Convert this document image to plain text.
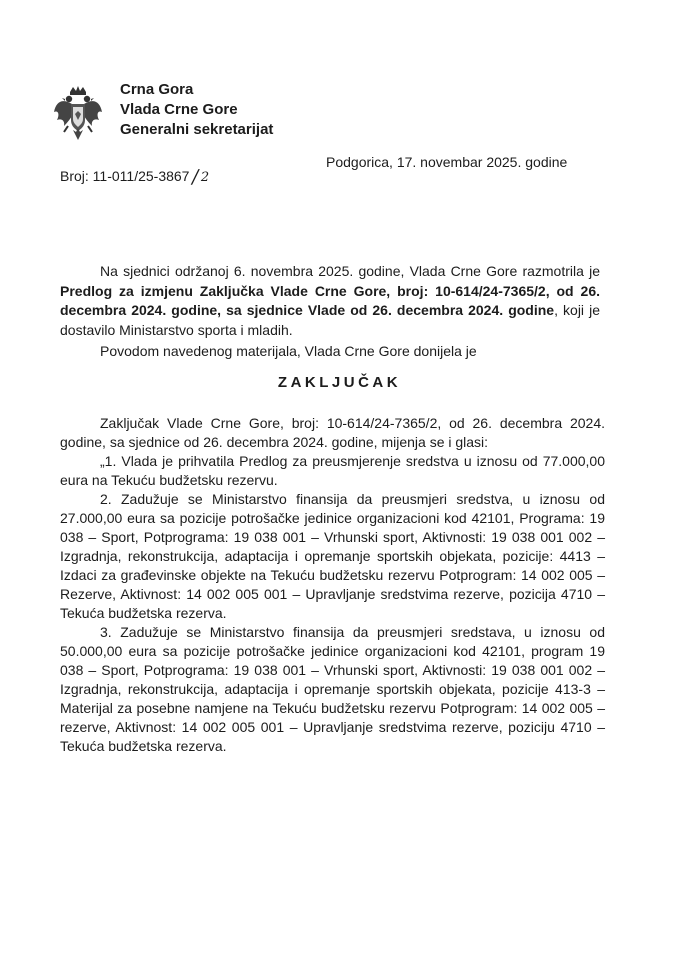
Crna Gora
Vlada Crne Gore
Generalni sekretarijat
Broj: 11-011/25-3867/2
Podgorica, 17. novembar 2025. godine

Na sjednici održanoj 6. novembra 2025. godine, Vlada Crne Gore razmotrila je Predlog za izmjenu Zaključka Vlade Crne Gore, broj: 10-614/24-7365/2, od 26. decembra 2024. godine, sa sjednice Vlade od 26. decembra 2024. godine, koji je dostavilo Ministarstvo sporta i mladih.

Povodom navedenog materijala, Vlada Crne Gore donijela je

ZAKLJUČAK

Zaključak Vlade Crne Gore, broj: 10-614/24-7365/2, od 26. decembra 2024. godine, sa sjednice od 26. decembra 2024. godine, mijenja se i glasi:

„1. Vlada je prihvatila Predlog za preusmjerenje sredstva u iznosu od 77.000,00 eura na Tekuću budžetsku rezervu.

2. Zadužuje se Ministarstvo finansija da preusmjeri sredstva, u iznosu od 27.000,00 eura sa pozicije potrošačke jedinice organizacioni kod 42101, Programa: 19 038 – Sport, Potprograma: 19 038 001 – Vrhunski sport, Aktivnosti: 19 038 001 002 – Izgradnja, rekonstrukcija, adaptacija i opremanje sportskih objekata, pozicije: 4413 – Izdaci za građevinske objekte na Tekuću budžetsku rezervu Potprogram: 14 002 005 – Rezerve, Aktivnost: 14 002 005 001 – Upravljanje sredstvima rezerve, pozicija 4710 – Tekuća budžetska rezerva.

3. Zadužuje se Ministarstvo finansija da preusmjeri sredstava, u iznosu od 50.000,00 eura sa pozicije potrošačke jedinice organizacioni kod 42101, program 19 038 – Sport, Potprograma: 19 038 001 – Vrhunski sport, Aktivnosti: 19 038 001 002 – Izgradnja, rekonstrukcija, adaptacija i opremanje sportskih objekata, pozicije 413-3 – Materijal za posebne namjene na Tekuću budžetsku rezervu Potprogram: 14 002 005 – rezerve, Aktivnost: 14 002 005 001 – Upravljanje sredstvima rezerve, poziciju 4710 – Tekuća budžetska rezerva.
